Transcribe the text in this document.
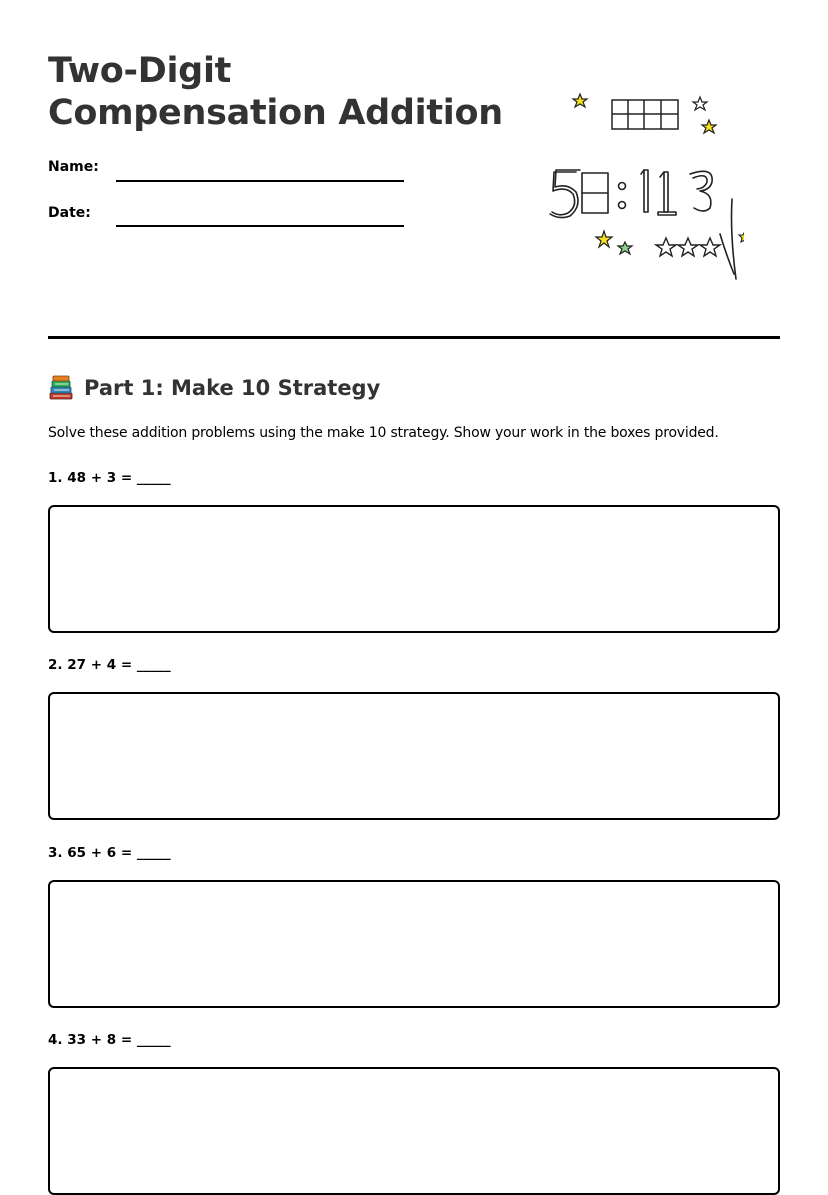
Two-Digit
Compensation Addition
Name:
Date:
Part 1: Make 10 Strategy

Solve these addition problems using the make 10 strategy. Show your work in the boxes provided.

1. 48 + 3 = _____
2. 27 + 4 = _____
3. 65 + 6 = _____
4. 33 + 8 = _____
